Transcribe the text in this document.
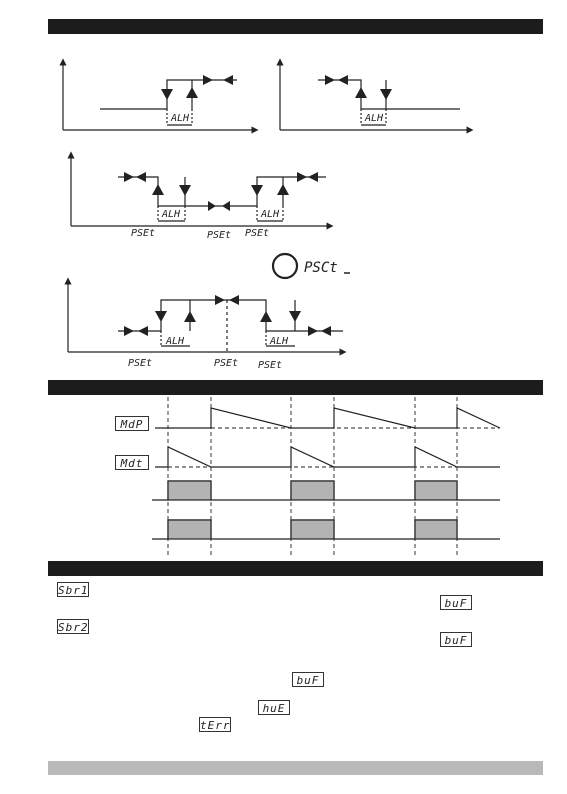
ALH	ALH
ALH	ALH
ALH	ALH
PSEt	PSEt PSEt
PSEt	PSEt PSEt
PSCt
MdP
Mdt
Sbr1
buF
Sbr2
buF
buF
huE
tErr
